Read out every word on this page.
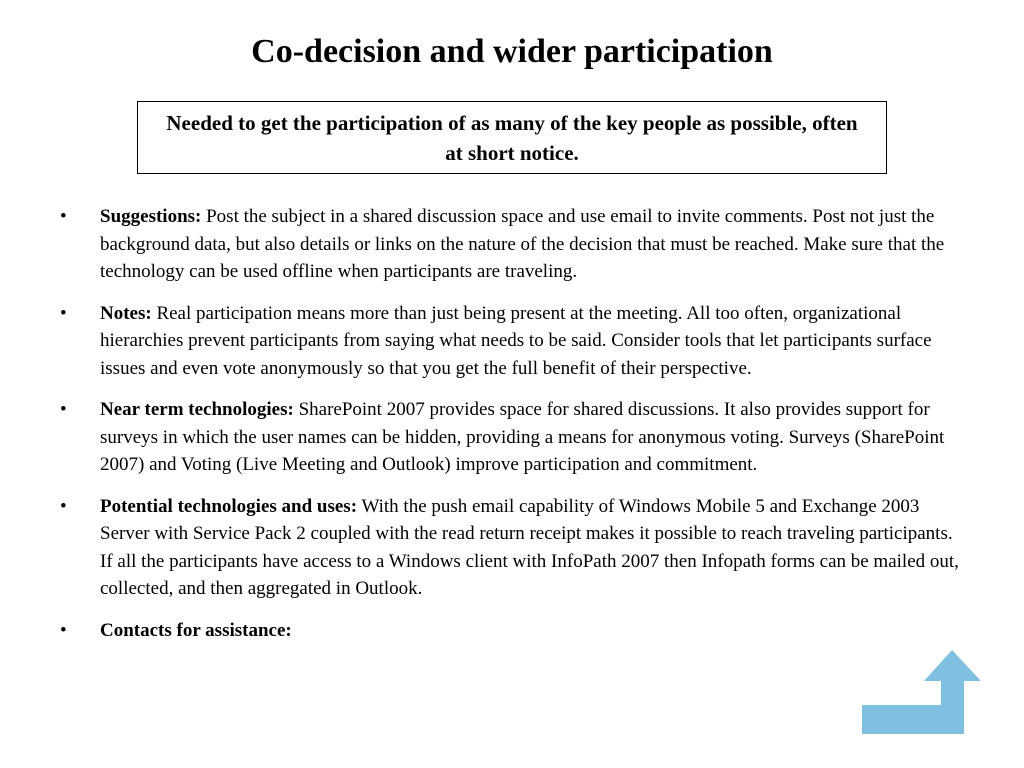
Co-decision and wider participation
Needed to get the participation of as many of the key people as possible, often at short notice.
• Suggestions: Post the subject in a shared discussion space and use email to invite comments. Post not just the background data, but also details or links on the nature of the decision that must be reached. Make sure that the technology can be used offline when participants are traveling.
• Notes: Real participation means more than just being present at the meeting. All too often, organizational hierarchies prevent participants from saying what needs to be said. Consider tools that let participants surface issues and even vote anonymously so that you get the full benefit of their perspective.
• Near term technologies: SharePoint 2007 provides space for shared discussions. It also provides support for surveys in which the user names can be hidden, providing a means for anonymous voting. Surveys (SharePoint 2007) and Voting (Live Meeting and Outlook) improve participation and commitment.
• Potential technologies and uses: With the push email capability of Windows Mobile 5 and Exchange 2003 Server with Service Pack 2 coupled with the read return receipt makes it possible to reach traveling participants. If all the participants have access to a Windows client with InfoPath 2007 then Infopath forms can be mailed out, collected, and then aggregated in Outlook.
• Contacts for assistance:
